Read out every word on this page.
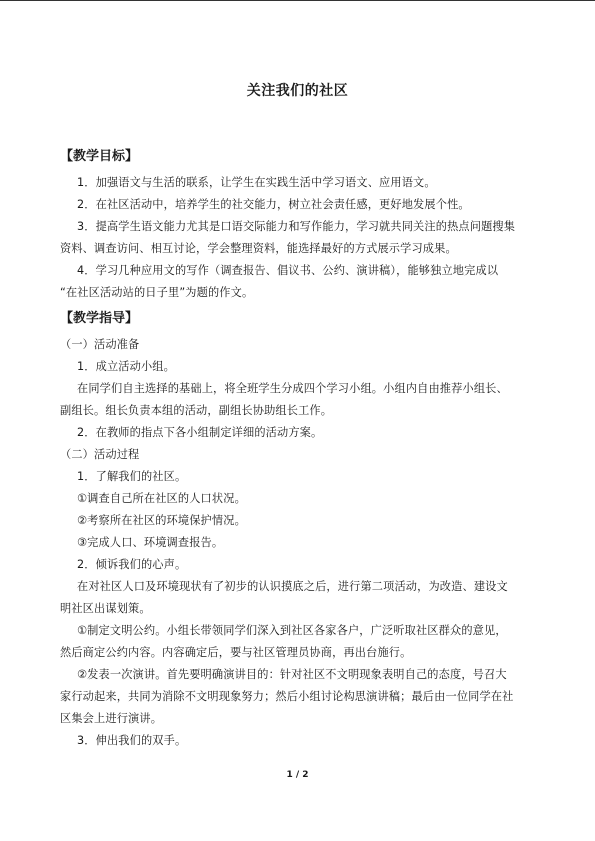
关注我们的社区
【教学目标】
1．加强语文与生活的联系，让学生在实践生活中学习语文、应用语文。
2．在社区活动中，培养学生的社交能力，树立社会责任感，更好地发展个性。
3．提高学生语文能力尤其是口语交际能力和写作能力，学习就共同关注的热点问题搜集
资料、调查访问、相互讨论，学会整理资料，能选择最好的方式展示学习成果。
4．学习几种应用文的写作（调查报告、倡议书、公约、演讲稿），能够独立地完成以
“在社区活动站的日子里”为题的作文。
【教学指导】
（一）活动准备
1．成立活动小组。
在同学们自主选择的基础上，将全班学生分成四个学习小组。小组内自由推荐小组长、
副组长。组长负责本组的活动，副组长协助组长工作。
2．在教师的指点下各小组制定详细的活动方案。
（二）活动过程
1．了解我们的社区。
①调查自己所在社区的人口状况。
②考察所在社区的环境保护情况。
③完成人口、环境调查报告。
2．倾诉我们的心声。
在对社区人口及环境现状有了初步的认识摸底之后，进行第二项活动，为改造、建设文
明社区出谋划策。
①制定文明公约。小组长带领同学们深入到社区各家各户，广泛听取社区群众的意见，
然后商定公约内容。内容确定后，要与社区管理员协商，再出台施行。
②发表一次演讲。首先要明确演讲目的：针对社区不文明现象表明自己的态度，号召大
家行动起来，共同为消除不文明现象努力；然后小组讨论构思演讲稿；最后由一位同学在社
区集会上进行演讲。
3．伸出我们的双手。
1 / 2
